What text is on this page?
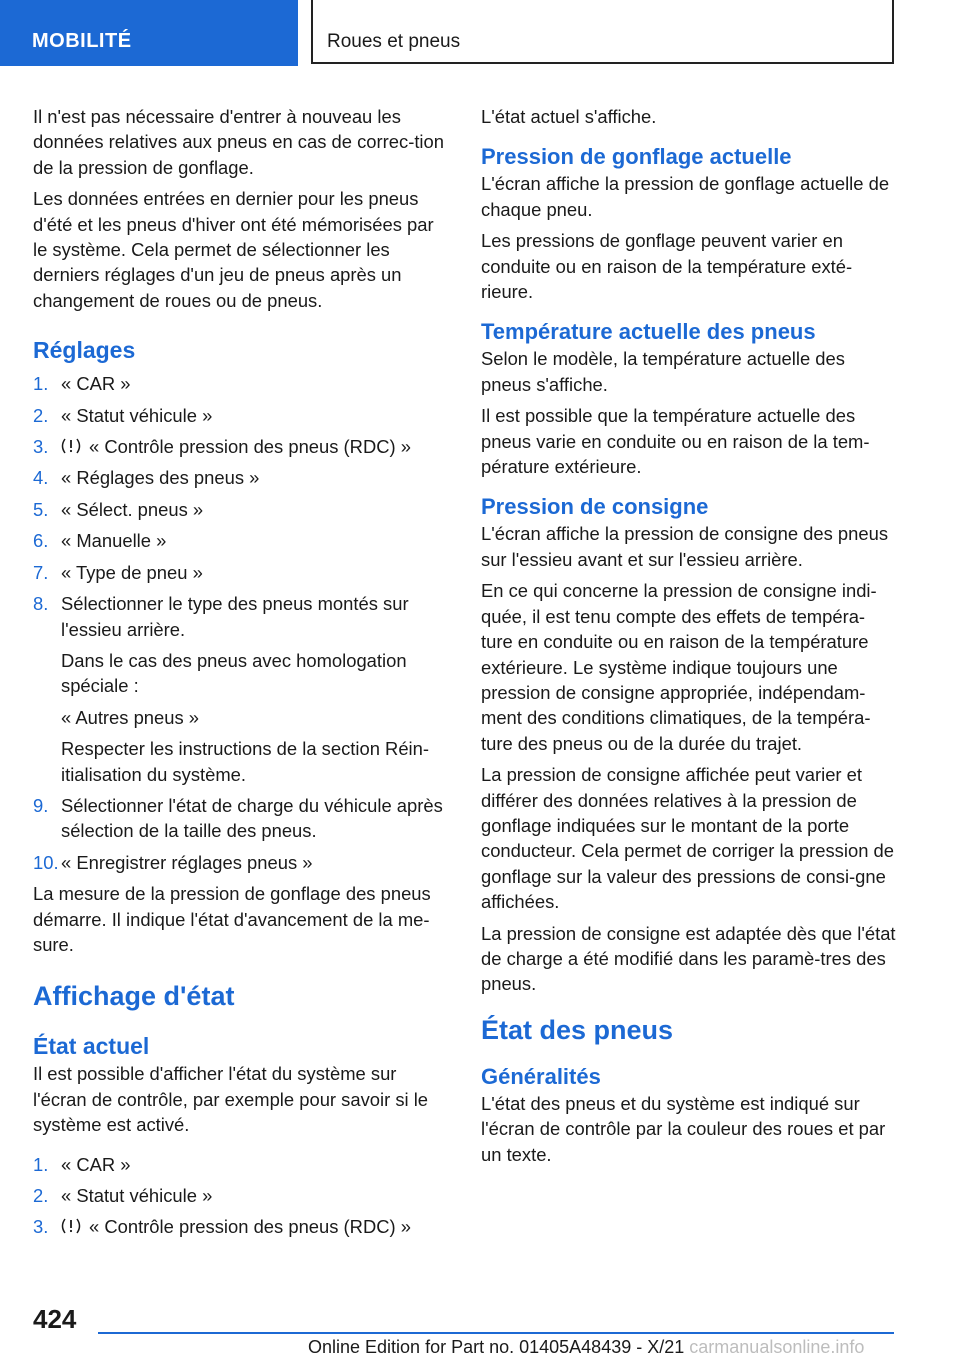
MOBILITÉ	Roues et pneus

Il n'est pas nécessaire d'entrer à nouveau les données relatives aux pneus en cas de correc-tion de la pression de gonflage.

Les données entrées en dernier pour les pneus d'été et les pneus d'hiver ont été mémorisées par le système. Cela permet de sélectionner les derniers réglages d'un jeu de pneus après un changement de roues ou de pneus.

Réglages
1. « CAR »
2. « Statut véhicule »
3. « Contrôle pression des pneus (RDC) »
4. « Réglages des pneus »
5. « Sélect. pneus »
6. « Manuelle »
7. « Type de pneu »
8. Sélectionner le type des pneus montés sur l'essieu arrière.
Dans le cas des pneus avec homologation spéciale :
« Autres pneus »
Respecter les instructions de la section Réin-itialisation du système.
9. Sélectionner l'état de charge du véhicule après sélection de la taille des pneus.
10. « Enregistrer réglages pneus »

La mesure de la pression de gonflage des pneus démarre. Il indique l'état d'avancement de la me-sure.

Affichage d'état
État actuel

Il est possible d'afficher l'état du système sur l'écran de contrôle, par exemple pour savoir si le système est activé.

1. « CAR »
2. « Statut véhicule »
3. « Contrôle pression des pneus (RDC) »

L'état actuel s'affiche.

Pression de gonflage actuelle

L'écran affiche la pression de gonflage actuelle de chaque pneu.

Les pressions de gonflage peuvent varier en conduite ou en raison de la température exté-rieure.

Température actuelle des pneus

Selon le modèle, la température actuelle des pneus s'affiche.

Il est possible que la température actuelle des pneus varie en conduite ou en raison de la tem-pérature extérieure.

Pression de consigne

L'écran affiche la pression de consigne des pneus sur l'essieu avant et sur l'essieu arrière.

En ce qui concerne la pression de consigne indi-quée, il est tenu compte des effets de tempéra-ture en conduite ou en raison de la température extérieure. Le système indique toujours une pression de consigne appropriée, indépendam-ment des conditions climatiques, de la tempéra-ture des pneus ou de la durée du trajet.

La pression de consigne affichée peut varier et différer des données relatives à la pression de gonflage indiquées sur le montant de la porte conducteur. Cela permet de corriger la pression de gonflage sur la valeur des pressions de consi-gne affichées.

La pression de consigne est adaptée dès que l'état de charge a été modifié dans les paramè-tres des pneus.

État des pneus
Généralités

L'état des pneus et du système est indiqué sur l'écran de contrôle par la couleur des roues et par un texte.

424
Online Edition for Part no. 01405A48439 - X/21 carmanualsonline.info
